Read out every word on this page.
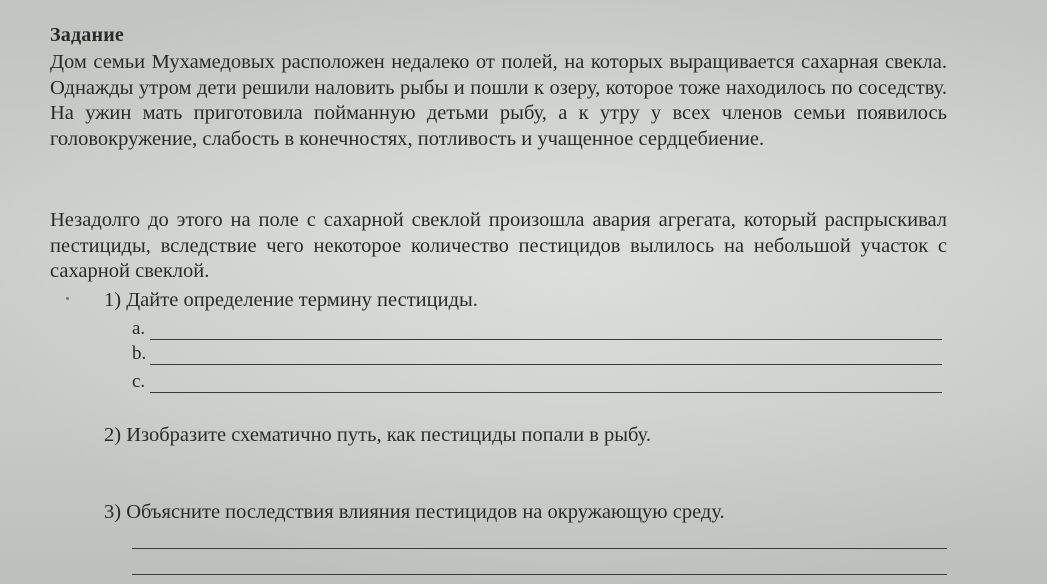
Задание
Дом семьи Мухамедовых расположен недалеко от полей, на которых выращивается сахарная свекла. Однажды утром дети решили наловить рыбы и пошли к озеру, которое тоже находилось по соседству. На ужин мать приготовила пойманную детьми рыбу, а к утру у всех членов семьи появилось головокружение, слабость в конечностях, потливость и учащенное сердцебиение.
Незадолго до этого на поле с сахарной свеклой произошла авария агрегата, который распрыскивал пестициды, вследствие чего некоторое количество пестицидов вылилось на небольшой участок с сахарной свеклой.
1) Дайте определение термину пестициды.
a.
b.
c.
2) Изобразите схематично путь, как пестициды попали в рыбу.
3) Объясните последствия влияния пестицидов на окружающую среду.
